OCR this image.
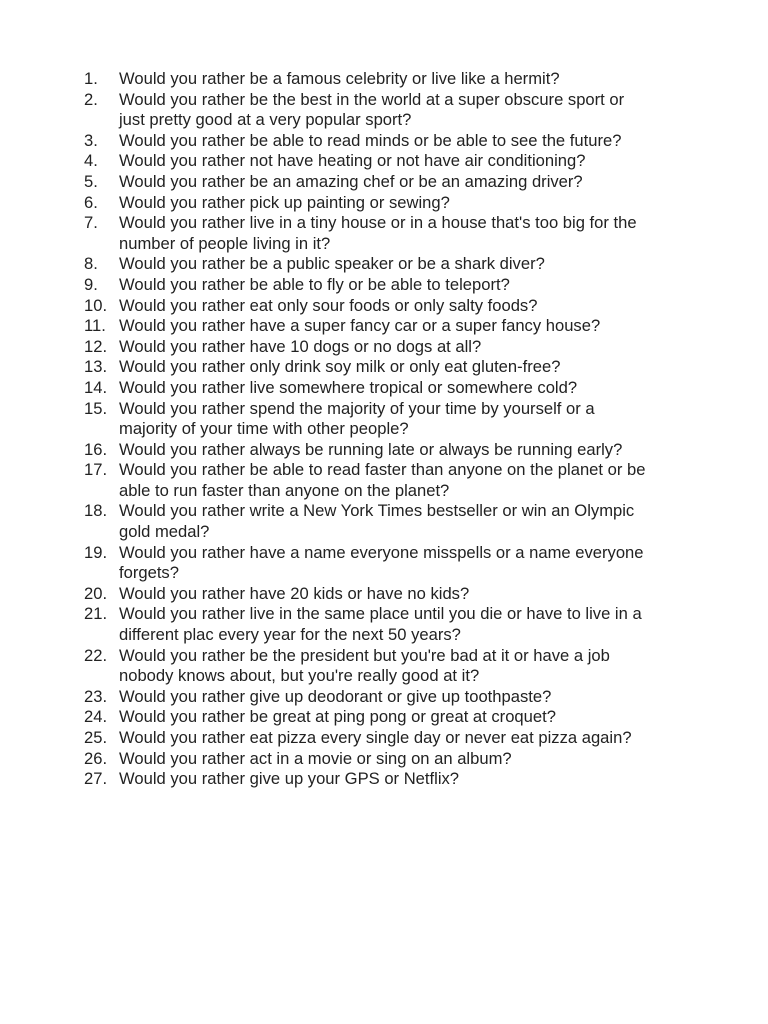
1.	Would you rather be a famous celebrity or live like a hermit?
2.	Would you rather be the best in the world at a super obscure sport or
just pretty good at a very popular sport?
3.	Would you rather be able to read minds or be able to see the future?
4.	Would you rather not have heating or not have air conditioning?
5.	Would you rather be an amazing chef or be an amazing driver?
6.	Would you rather pick up painting or sewing?
7.	Would you rather live in a tiny house or in a house that's too big for the
number of people living in it?
8.	Would you rather be a public speaker or be a shark diver?
9.	Would you rather be able to fly or be able to teleport?
10. Would you rather eat only sour foods or only salty foods?
11. Would you rather have a super fancy car or a super fancy house?
12. Would you rather have 10 dogs or no dogs at all?
13. Would you rather only drink soy milk or only eat gluten-free?
14. Would you rather live somewhere tropical or somewhere cold?
15. Would you rather spend the majority of your time by yourself or a
majority of your time with other people?
16. Would you rather always be running late or always be running early?
17. Would you rather be able to read faster than anyone on the planet or be
able to run faster than anyone on the planet?
18. Would you rather write a New York Times bestseller or win an Olympic
gold medal?
19. Would you rather have a name everyone misspells or a name everyone
forgets?
20. Would you rather have 20 kids or have no kids?
21. Would you rather live in the same place until you die or have to live in a
different plac every year for the next 50 years?
22. Would you rather be the president but you're bad at it or have a job
nobody knows about, but you're really good at it?
23. Would you rather give up deodorant or give up toothpaste?
24. Would you rather be great at ping pong or great at croquet?
25. Would you rather eat pizza every single day or never eat pizza again?
26. Would you rather act in a movie or sing on an album?
27. Would you rather give up your GPS or Netflix?
